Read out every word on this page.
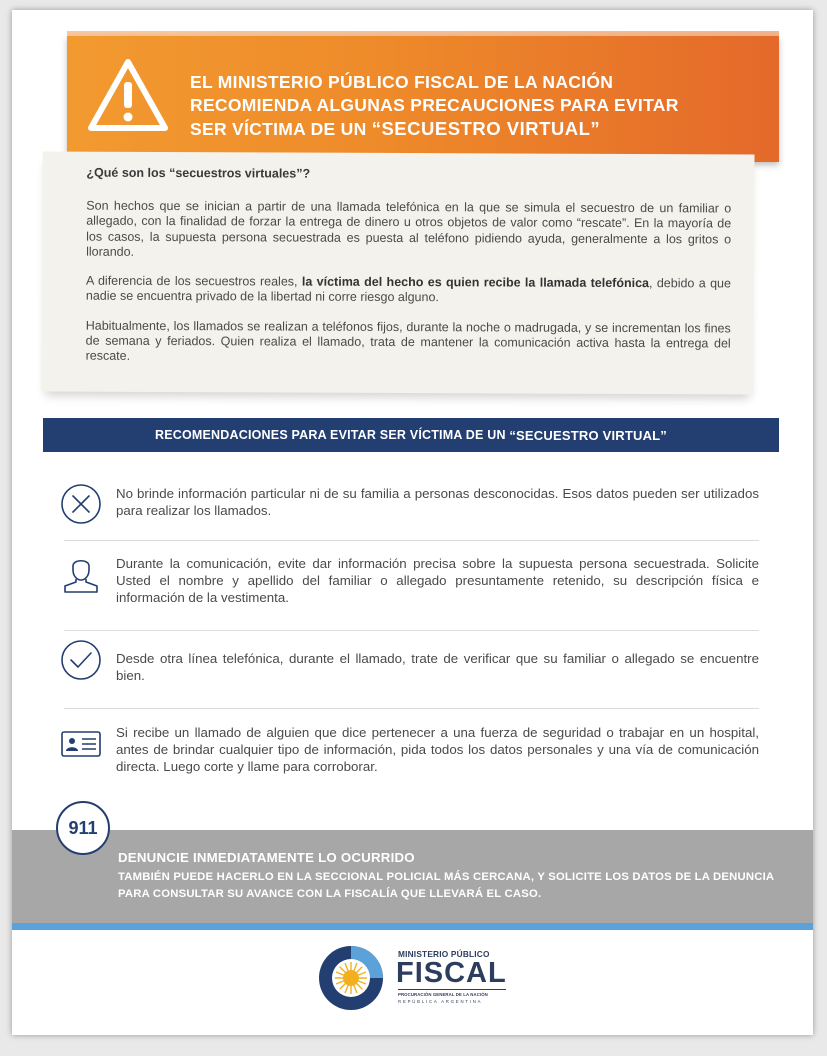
EL MINISTERIO PÚBLICO FISCAL DE LA NACIÓN
RECOMIENDA ALGUNAS PRECAUCIONES PARA EVITAR
SER VÍCTIMA DE UN “SECUESTRO VIRTUAL”
¿Qué son los “secuestros virtuales”?

Son hechos que se inician a partir de una llamada telefónica en la que se simula el secuestro de un familiar o allegado, con la finalidad de forzar la entrega de dinero u otros objetos de valor como “rescate”. En la mayoría de los casos, la supuesta persona secuestrada es puesta al teléfono pidiendo ayuda, generalmente a los gritos o llorando.

A diferencia de los secuestros reales, la víctima del hecho es quien recibe la llamada telefónica, debido a que nadie se encuentra privado de la libertad ni corre riesgo alguno.

Habitualmente, los llamados se realizan a teléfonos fijos, durante la noche o madrugada, y se incrementan los fines de semana y feriados. Quien realiza el llamado, trata de mantener la comunicación activa hasta la entrega del rescate.

RECOMENDACIONES PARA EVITAR SER VÍCTIMA DE UN
“SECUESTRO VIRTUAL”

No brinde información particular ni de su familia a personas desconocidas. Esos datos pueden ser utilizados para realizar los llamados.

Durante la comunicación, evite dar información precisa sobre la supuesta persona secuestrada. Solicite Usted el nombre y apellido del familiar o allegado presuntamente retenido, su descripción física e información de la vestimenta.

Desde otra línea telefónica, durante el llamado, trate de verificar que su familiar o allegado se encuentre bien.

Si recibe un llamado de alguien que dice pertenecer a una fuerza de seguridad o trabajar en un hospital, antes de brindar cualquier tipo de información, pida todos los datos personales y una vía de comunicación directa. Luego corte y llame para corroborar.

911

DENUNCIE INMEDIATAMENTE LO OCURRIDO

TAMBIÉN PUEDE HACERLO EN LA SECCIONAL POLICIAL MÁS CERCANA, Y SOLICITE LOS DATOS DE LA DENUNCIA PARA CONSULTAR SU AVANCE CON LA FISCALÍA QUE LLEVARÁ EL CASO.

MINISTERIO PÚBLICO

FISCAL

PROCURACIÓN GENERAL DE LA NACIÓN

REPÚBLICA ARGENTINA
